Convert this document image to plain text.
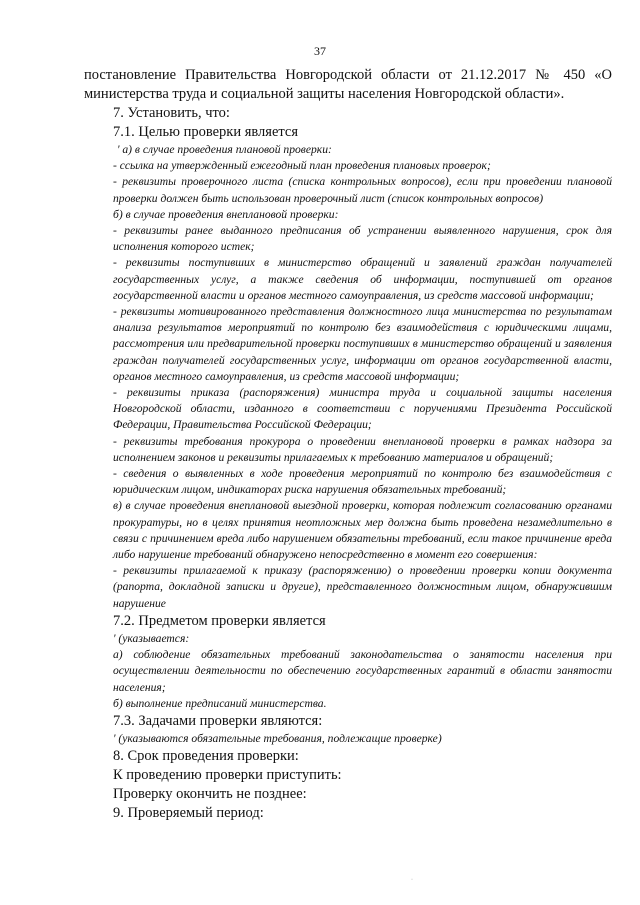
37

постановление Правительства Новгородской области от 21.12.2017 № 450 «О министерства труда и социальной защиты населения Новгородской области».

7. Установить, что:

7.1. Целью проверки является

' а) в случае проведения плановой проверки:

- ссылка на утвержденный ежегодный план проведения плановых проверок;

- реквизиты проверочного листа (списка контрольных вопросов), если при проведении плановой проверки должен быть использован проверочный лист (список контрольных вопросов)

б) в случае проведения внеплановой проверки:

- реквизиты ранее выданного предписания об устранении выявленного нарушения, срок для исполнения которого истек;

- реквизиты поступивших в министерство обращений и заявлений граждан получателей государственных услуг, а также сведения об информации, поступившей от органов государственной власти и органов местного самоуправления, из средств массовой информации;

- реквизиты мотивированного представления должностного лица министерства по результатам анализа результатов мероприятий по контролю без взаимодействия с юридическими лицами, рассмотрения или предварительной проверки поступивших в министерство обращений и заявления граждан получателей государственных услуг, информации от органов государственной власти, органов местного самоуправления, из средств массовой информации;

- реквизиты приказа (распоряжения) министра труда и социальной защиты населения Новгородской области, изданного в соответствии с поручениями Президента Российской Федерации, Правительства Российской Федерации;

- реквизиты требования прокурора о проведении внеплановой проверки в рамках надзора за исполнением законов и реквизиты прилагаемых к требованию материалов и обращений;

- сведения о выявленных в ходе проведения мероприятий по контролю без взаимодействия с юридическим лицом, индикаторах риска нарушения обязательных требований;

в) в случае проведения внеплановой выездной проверки, которая подлежит согласованию органами прокуратуры, но в целях принятия неотложных мер должна быть проведена незамедлительно в связи с причинением вреда либо нарушением обязательны требований, если такое причинение вреда либо нарушение требований обнаружено непосредственно в момент его совершения:

- реквизиты прилагаемой к приказу (распоряжению) о проведении проверки копии документа (рапорта, докладной записки и другие), представленного должностным лицом, обнаружившим нарушение

7.2. Предметом проверки является

' (указывается:

а) соблюдение обязательных требований законодательства о занятости населения при осуществлении деятельности по обеспечению государственных гарантий в области занятости населения;

б) выполнение предписаний министерства.

7.3. Задачами проверки являются:

' (указываются обязательные требования, подлежащие проверке)

8. Срок проведения проверки:

К проведению проверки приступить:

Проверку окончить не позднее:

9. Проверяемый период:

·
